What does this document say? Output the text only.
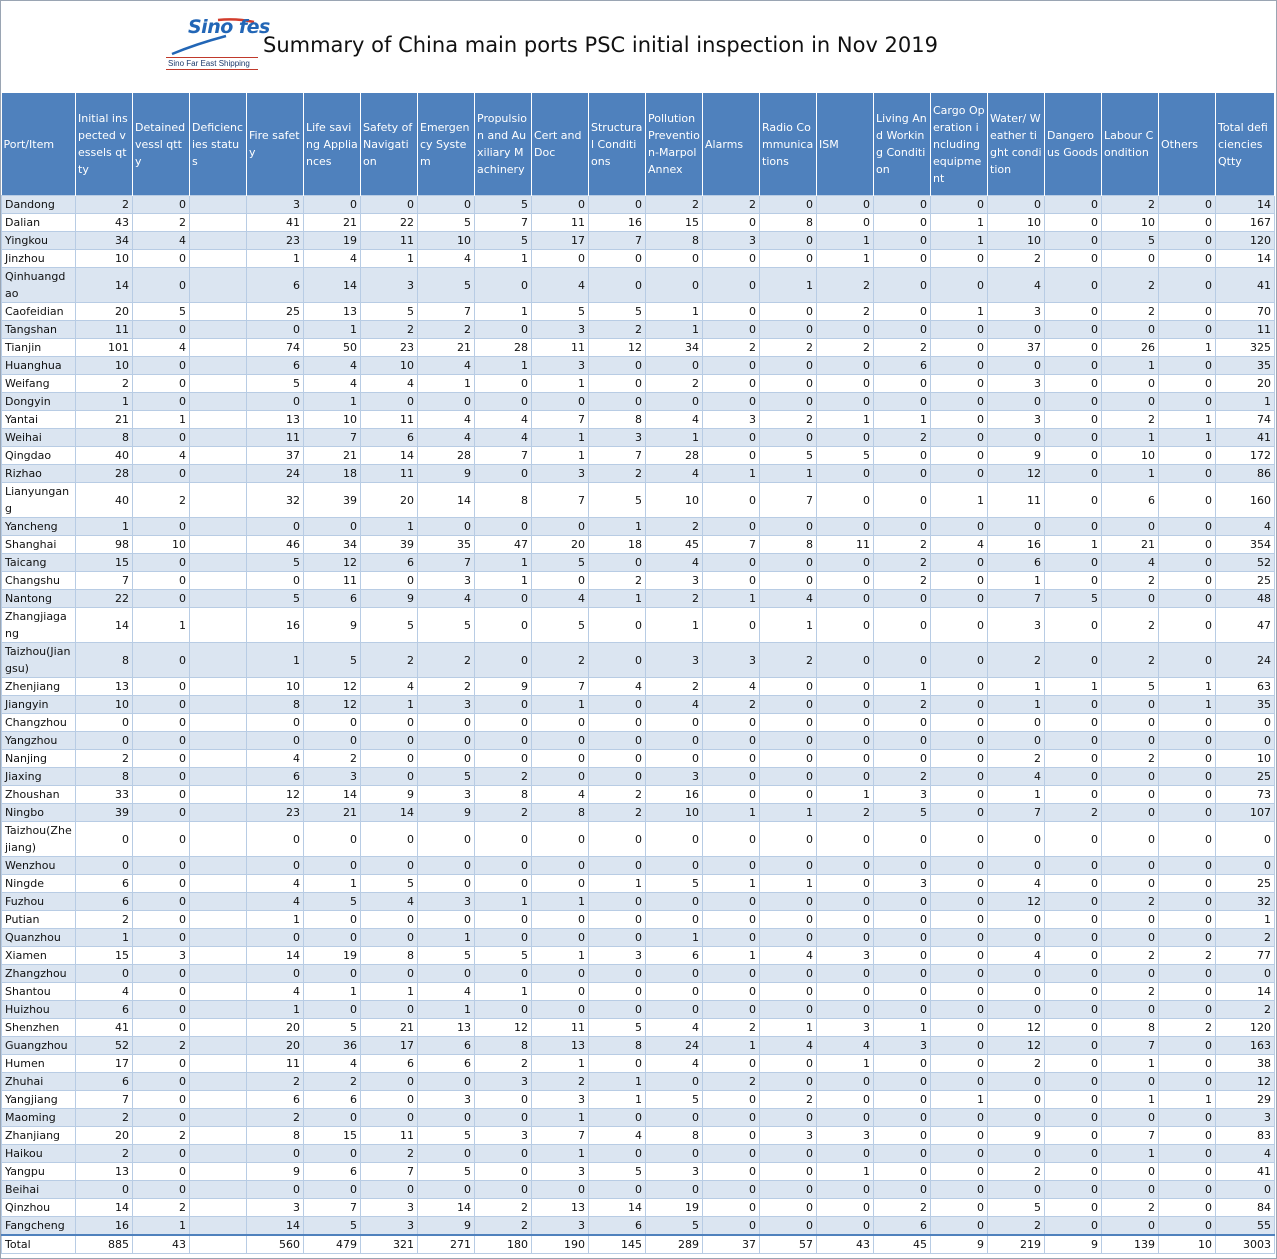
Sino fes
Sino Far East Shipping
Summary of China main ports PSC initial inspection in Nov 2019
Port/Item	Initial inspected vessels qtty	Detained vessl qtty	Deficiencies status	Fire safety	Life saving Appliances	Safety of Navigation	Emergency System	Propulsion and Auxiliary Machinery	Cert and Doc	Structural Conditions	Pollution Prevention-Marpol Annex	Alarms	Radio Communications	ISM	Living And Working Condition	Cargo Operation including equipment	Water/ Weather tight condition	Dangerous Goods	Labour Condition	Others	Total deficiencies Qtty
Dandong	2	0		3	0	0	0	5	0	0	2	2	0	0	0	0	0	0	2	0	14
Dalian	43	2		41	21	22	5	7	11	16	15	0	8	0	0	1	10	0	10	0	167
Yingkou	34	4		23	19	11	10	5	17	7	8	3	0	1	0	1	10	0	5	0	120
Jinzhou	10	0		1	4	1	4	1	0	0	0	0	0	1	0	0	2	0	0	0	14
Qinhuangdao	14	0		6	14	3	5	0	4	0	0	0	1	2	0	0	4	0	2	0	41
Caofeidian	20	5		25	13	5	7	1	5	5	1	0	0	2	0	1	3	0	2	0	70
Tangshan	11	0		0	1	2	2	0	3	2	1	0	0	0	0	0	0	0	0	0	11
Tianjin	101	4		74	50	23	21	28	11	12	34	2	2	2	2	0	37	0	26	1	325
Huanghua	10	0		6	4	10	4	1	3	0	0	0	0	0	6	0	0	0	1	0	35
Weifang	2	0		5	4	4	1	0	1	0	2	0	0	0	0	0	3	0	0	0	20
Dongyin	1	0		0	1	0	0	0	0	0	0	0	0	0	0	0	0	0	0	0	1
Yantai	21	1		13	10	11	4	4	7	8	4	3	2	1	1	0	3	0	2	1	74
Weihai	8	0		11	7	6	4	4	1	3	1	0	0	0	2	0	0	0	1	1	41
Qingdao	40	4		37	21	14	28	7	1	7	28	0	5	5	0	0	9	0	10	0	172
Rizhao	28	0		24	18	11	9	0	3	2	4	1	1	0	0	0	12	0	1	0	86
Lianyungang	40	2		32	39	20	14	8	7	5	10	0	7	0	0	1	11	0	6	0	160
Yancheng	1	0		0	0	1	0	0	0	1	2	0	0	0	0	0	0	0	0	0	4
Shanghai	98	10		46	34	39	35	47	20	18	45	7	8	11	2	4	16	1	21	0	354
Taicang	15	0		5	12	6	7	1	5	0	4	0	0	0	2	0	6	0	4	0	52
Changshu	7	0		0	11	0	3	1	0	2	3	0	0	0	2	0	1	0	2	0	25
Nantong	22	0		5	6	9	4	0	4	1	2	1	4	0	0	0	7	5	0	0	48
Zhangjiagang	14	1		16	9	5	5	0	5	0	1	0	1	0	0	0	3	0	2	0	47
Taizhou(Jiangsu)	8	0		1	5	2	2	0	2	0	3	3	2	0	0	0	2	0	2	0	24
Zhenjiang	13	0		10	12	4	2	9	7	4	2	4	0	0	1	0	1	1	5	1	63
Jiangyin	10	0		8	12	1	3	0	1	0	4	2	0	0	2	0	1	0	0	1	35
Changzhou	0	0		0	0	0	0	0	0	0	0	0	0	0	0	0	0	0	0	0	0
Yangzhou	0	0		0	0	0	0	0	0	0	0	0	0	0	0	0	0	0	0	0	0
Nanjing	2	0		4	2	0	0	0	0	0	0	0	0	0	0	0	2	0	2	0	10
Jiaxing	8	0		6	3	0	5	2	0	0	3	0	0	0	2	0	4	0	0	0	25
Zhoushan	33	0		12	14	9	3	8	4	2	16	0	0	1	3	0	1	0	0	0	73
Ningbo	39	0		23	21	14	9	2	8	2	10	1	1	2	5	0	7	2	0	0	107
Taizhou(Zhejiang)	0	0		0	0	0	0	0	0	0	0	0	0	0	0	0	0	0	0	0	0
Wenzhou	0	0		0	0	0	0	0	0	0	0	0	0	0	0	0	0	0	0	0	0
Ningde	6	0		4	1	5	0	0	0	1	5	1	1	0	3	0	4	0	0	0	25
Fuzhou	6	0		4	5	4	3	1	1	0	0	0	0	0	0	0	12	0	2	0	32
Putian	2	0		1	0	0	0	0	0	0	0	0	0	0	0	0	0	0	0	0	1
Quanzhou	1	0		0	0	0	1	0	0	0	1	0	0	0	0	0	0	0	0	0	2
Xiamen	15	3		14	19	8	5	5	1	3	6	1	4	3	0	0	4	0	2	2	77
Zhangzhou	0	0		0	0	0	0	0	0	0	0	0	0	0	0	0	0	0	0	0	0
Shantou	4	0		4	1	1	4	1	0	0	0	0	0	0	0	0	0	0	2	0	14
Huizhou	6	0		1	0	0	1	0	0	0	0	0	0	0	0	0	0	0	0	0	2
Shenzhen	41	0		20	5	21	13	12	11	5	4	2	1	3	1	0	12	0	8	2	120
Guangzhou	52	2		20	36	17	6	8	13	8	24	1	4	4	3	0	12	0	7	0	163
Humen	17	0		11	4	6	6	2	1	0	4	0	0	1	0	0	2	0	1	0	38
Zhuhai	6	0		2	2	0	0	3	2	1	0	2	0	0	0	0	0	0	0	0	12
Yangjiang	7	0		6	6	0	3	0	3	1	5	0	2	0	0	1	0	0	1	1	29
Maoming	2	0		2	0	0	0	0	1	0	0	0	0	0	0	0	0	0	0	0	3
Zhanjiang	20	2		8	15	11	5	3	7	4	8	0	3	3	0	0	9	0	7	0	83
Haikou	2	0		0	0	2	0	0	1	0	0	0	0	0	0	0	0	0	1	0	4
Yangpu	13	0		9	6	7	5	0	3	5	3	0	0	1	0	0	2	0	0	0	41
Beihai	0	0		0	0	0	0	0	0	0	0	0	0	0	0	0	0	0	0	0	0
Qinzhou	14	2		3	7	3	14	2	13	14	19	0	0	0	2	0	5	0	2	0	84
Fangcheng	16	1		14	5	3	9	2	3	6	5	0	0	0	6	0	2	0	0	0	55
Total	885	43		560	479	321	271	180	190	145	289	37	57	43	45	9	219	9	139	10	3003
